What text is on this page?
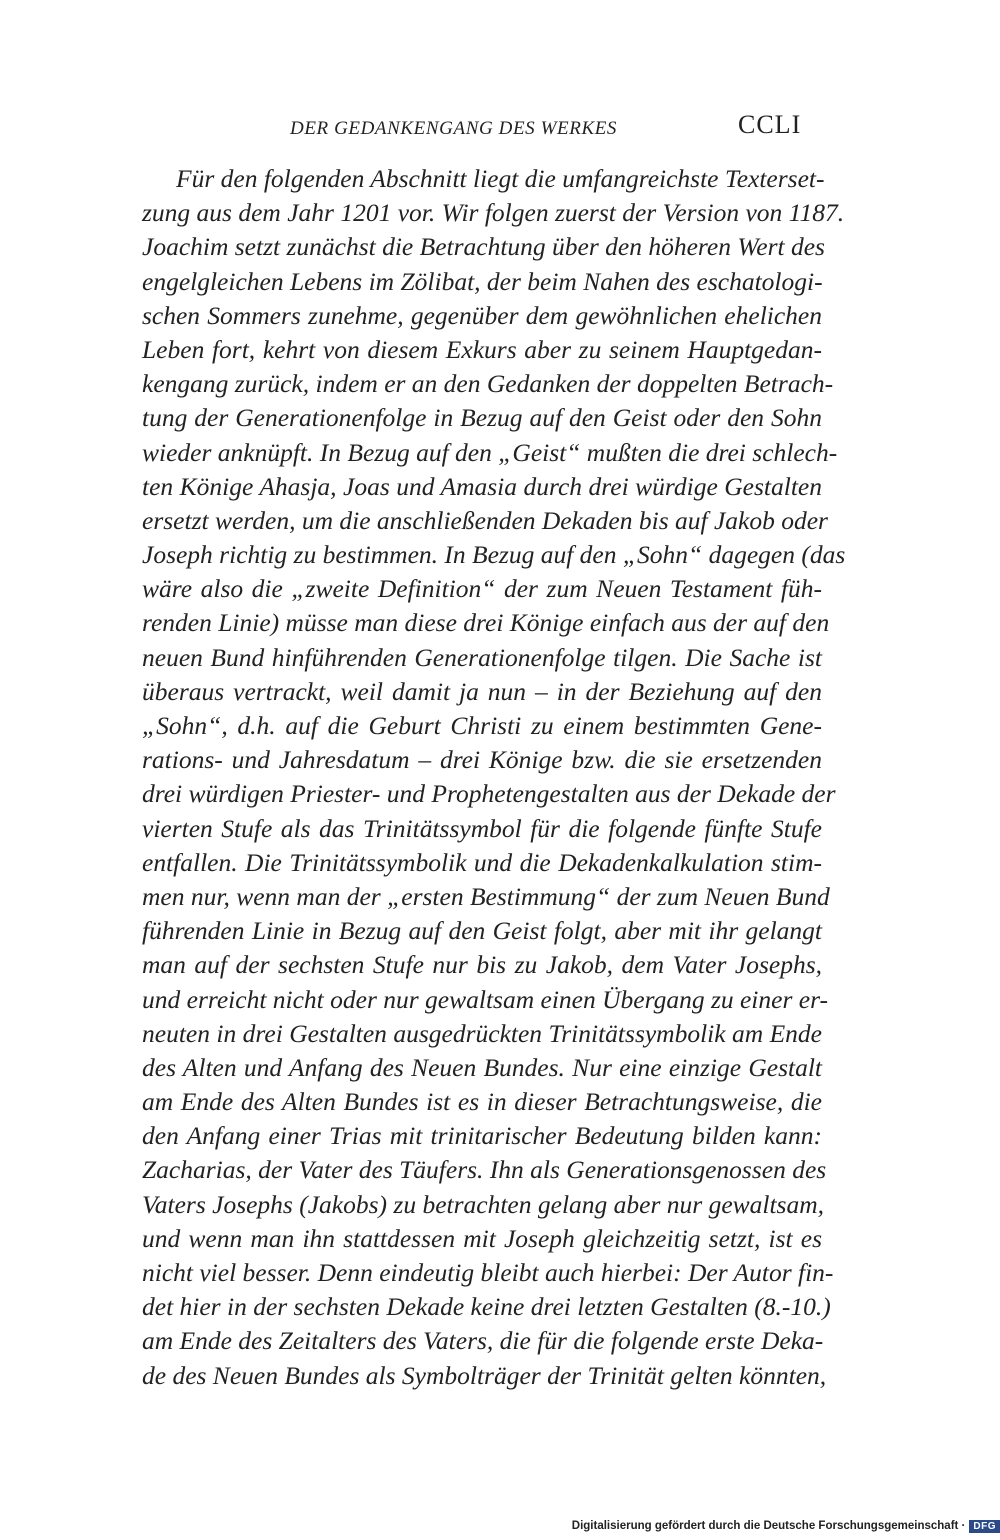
DER GEDANKENGANG DES WERKES	CCLI
Für den folgenden Abschnitt liegt die umfangreichste Texterset-
zung aus dem Jahr 1201 vor. Wir folgen zuerst der Version von 1187.
Joachim setzt zunächst die Betrachtung über den höheren Wert des
engelgleichen Lebens im Zölibat, der beim Nahen des eschatologi-
schen Sommers zunehme, gegenüber dem gewöhnlichen ehelichen
Leben fort, kehrt von diesem Exkurs aber zu seinem Hauptgedan-
kengang zurück, indem er an den Gedanken der doppelten Betrach-
tung der Generationenfolge in Bezug auf den Geist oder den Sohn
wieder anknüpft. In Bezug auf den „Geist“ mußten die drei schlech-
ten Könige Ahasja, Joas und Amasia durch drei würdige Gestalten
ersetzt werden, um die anschließenden Dekaden bis auf Jakob oder
Joseph richtig zu bestimmen. In Bezug auf den „Sohn“ dagegen (das
wäre also die „zweite Definition“ der zum Neuen Testament füh-
renden Linie) müsse man diese drei Könige einfach aus der auf den
neuen Bund hinführenden Generationenfolge tilgen. Die Sache ist
überaus vertrackt, weil damit ja nun – in der Beziehung auf den
„Sohn“, d.h. auf die Geburt Christi zu einem bestimmten Gene-
rations- und Jahresdatum – drei Könige bzw. die sie ersetzenden
drei würdigen Priester- und Prophetengestalten aus der Dekade der
vierten Stufe als das Trinitätssymbol für die folgende fünfte Stufe
entfallen. Die Trinitätssymbolik und die Dekadenkalkulation stim-
men nur, wenn man der „ersten Bestimmung“ der zum Neuen Bund
führenden Linie in Bezug auf den Geist folgt, aber mit ihr gelangt
man auf der sechsten Stufe nur bis zu Jakob, dem Vater Josephs,
und erreicht nicht oder nur gewaltsam einen Übergang zu einer er-
neuten in drei Gestalten ausgedrückten Trinitätssymbolik am Ende
des Alten und Anfang des Neuen Bundes. Nur eine einzige Gestalt
am Ende des Alten Bundes ist es in dieser Betrachtungsweise, die
den Anfang einer Trias mit trinitarischer Bedeutung bilden kann:
Zacharias, der Vater des Täufers. Ihn als Generationsgenossen des
Vaters Josephs (Jakobs) zu betrachten gelang aber nur gewaltsam,
und wenn man ihn stattdessen mit Joseph gleichzeitig setzt, ist es
nicht viel besser. Denn eindeutig bleibt auch hierbei: Der Autor fin-
det hier in der sechsten Dekade keine drei letzten Gestalten (8.-10.)
am Ende des Zeitalters des Vaters, die für die folgende erste Deka-
de des Neuen Bundes als Symbolträger der Trinität gelten könnten,
Digitalisierung gefördert durch die Deutsche Forschungsgemeinschaft · DFG
